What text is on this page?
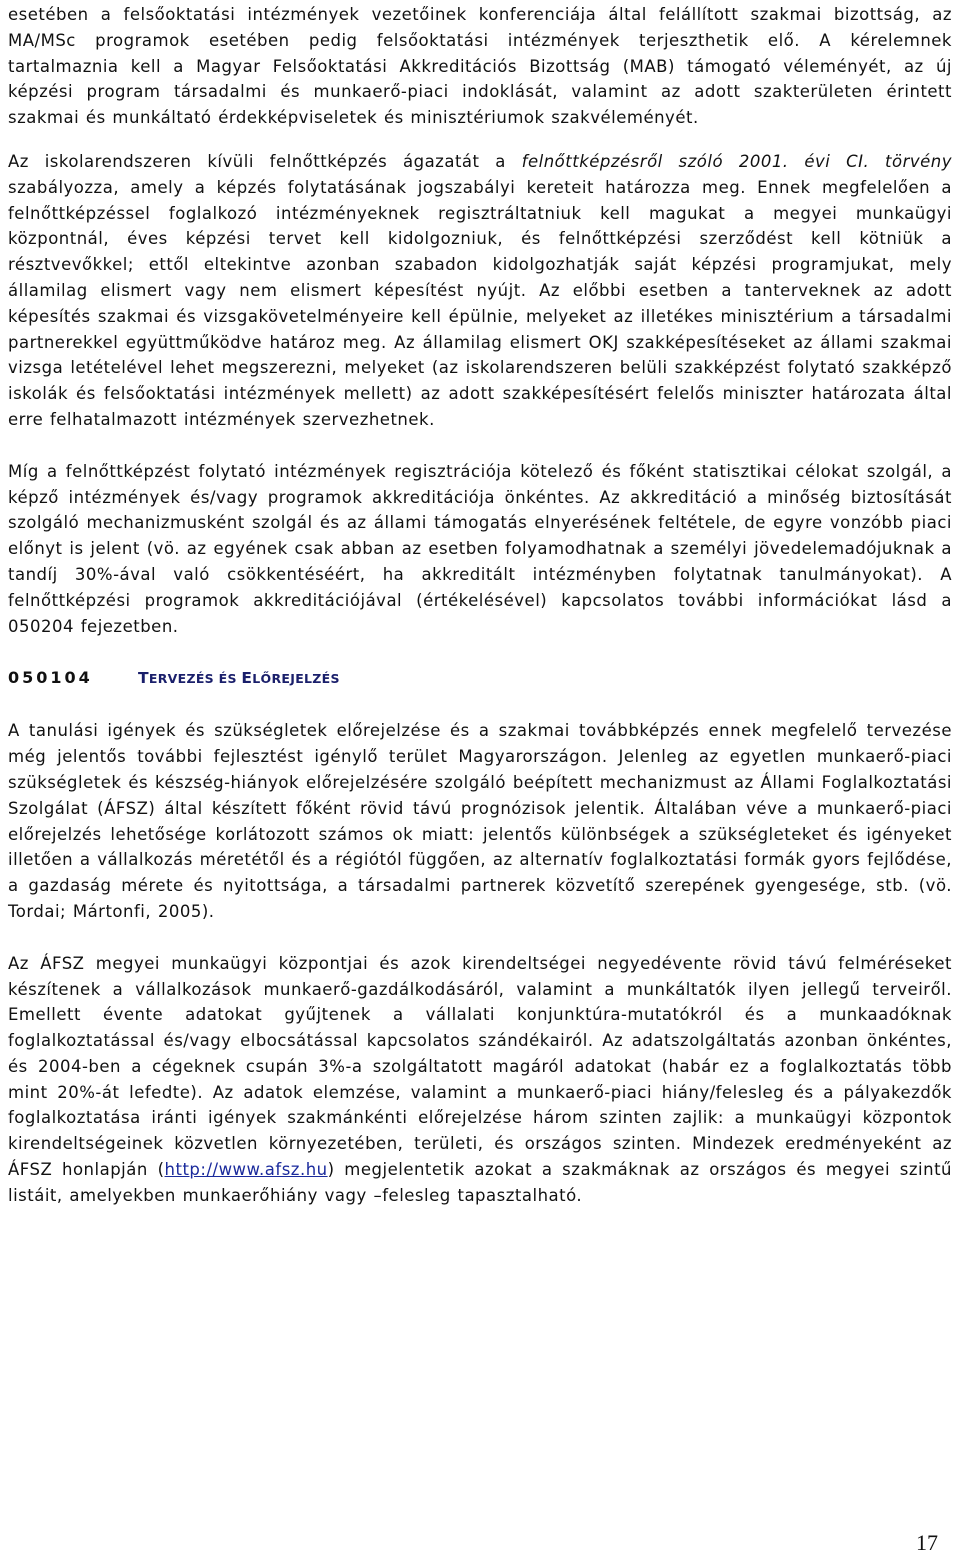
esetében a felsőoktatási intézmények vezetőinek konferenciája által felállított szakmai bizottság, az MA/MSc programok esetében pedig felsőoktatási intézmények terjeszthetik elő. A kérelemnek tartalmaznia kell a Magyar Felsőoktatási Akkreditációs Bizottság (MAB) támogató véleményét, az új képzési program társadalmi és munkaerő-piaci indoklását, valamint az adott szakterületen érintett szakmai és munkáltató érdekképviseletek és minisztériumok szakvéleményét.

Az iskolarendszeren kívüli felnőttképzés ágazatát a felnőttképzésről szóló 2001. évi CI. törvény szabályozza, amely a képzés folytatásának jogszabályi kereteit határozza meg. Ennek megfelelően a felnőttképzéssel foglalkozó intézményeknek regisztráltatniuk kell magukat a megyei munkaügyi központnál, éves képzési tervet kell kidolgozniuk, és felnőttképzési szerződést kell kötniük a résztvevőkkel; ettől eltekintve azonban szabadon kidolgozhatják saját képzési programjukat, mely államilag elismert vagy nem elismert képesítést nyújt. Az előbbi esetben a tanterveknek az adott képesítés szakmai és vizsgakövetelményeire kell épülnie, melyeket az illetékes minisztérium a társadalmi partnerekkel együttműködve határoz meg. Az államilag elismert OKJ szakképesítéseket az állami szakmai vizsga letételével lehet megszerezni, melyeket (az iskolarendszeren belüli szakképzést folytató szakképző iskolák és felsőoktatási intézmények mellett) az adott szakképesítésért felelős miniszter határozata által erre felhatalmazott intézmények szervezhetnek.

Míg a felnőttképzést folytató intézmények regisztrációja kötelező és főként statisztikai célokat szolgál, a képző intézmények és/vagy programok akkreditációja önkéntes. Az akkreditáció a minőség biztosítását szolgáló mechanizmusként szolgál és az állami támogatás elnyerésének feltétele, de egyre vonzóbb piaci előnyt is jelent (vö. az egyének csak abban az esetben folyamodhatnak a személyi jövedelemadójuknak a tandíj 30%-ával való csökkentéséért, ha akkreditált intézményben folytatnak tanulmányokat). A felnőttképzési programok akkreditációjával (értékelésével) kapcsolatos további információkat lásd a 050204 fejezetben.

050104	TERVEZÉS ÉS ELŐREJELZÉS

A tanulási igények és szükségletek előrejelzése és a szakmai továbbképzés ennek megfelelő tervezése még jelentős további fejlesztést igénylő terület Magyarországon. Jelenleg az egyetlen munkaerő-piaci szükségletek és készség-hiányok előrejelzésére szolgáló beépített mechanizmust az Állami Foglalkoztatási Szolgálat (ÁFSZ) által készített főként rövid távú prognózisok jelentik. Általában véve a munkaerő-piaci előrejelzés lehetősége korlátozott számos ok miatt: jelentős különbségek a szükségleteket és igényeket illetően a vállalkozás méretétől és a régiótól függően, az alternatív foglalkoztatási formák gyors fejlődése, a gazdaság mérete és nyitottsága, a társadalmi partnerek közvetítő szerepének gyengesége, stb. (vö. Tordai; Mártonfi, 2005).

Az ÁFSZ megyei munkaügyi központjai és azok kirendeltségei negyedévente rövid távú felméréseket készítenek a vállalkozások munkaerő-gazdálkodásáról, valamint a munkáltatók ilyen jellegű terveiről. Emellett évente adatokat gyűjtenek a vállalati konjunktúra-mutatókról és a munkaadóknak foglalkoztatással és/vagy elbocsátással kapcsolatos szándékairól. Az adatszolgáltatás azonban önkéntes, és 2004-ben a cégeknek csupán 3%-a szolgáltatott magáról adatokat (habár ez a foglalkoztatás több mint 20%-át lefedte). Az adatok elemzése, valamint a munkaerő-piaci hiány/felesleg és a pályakezdők foglalkoztatása iránti igények szakmánkénti előrejelzése három szinten zajlik: a munkaügyi központok kirendeltségeinek közvetlen környezetében, területi, és országos szinten. Mindezek eredményeként az ÁFSZ honlapján (http://www.afsz.hu) megjelentetik azokat a szakmáknak az országos és megyei szintű listáit, amelyekben munkaerőhiány vagy –felesleg tapasztalható.

17
